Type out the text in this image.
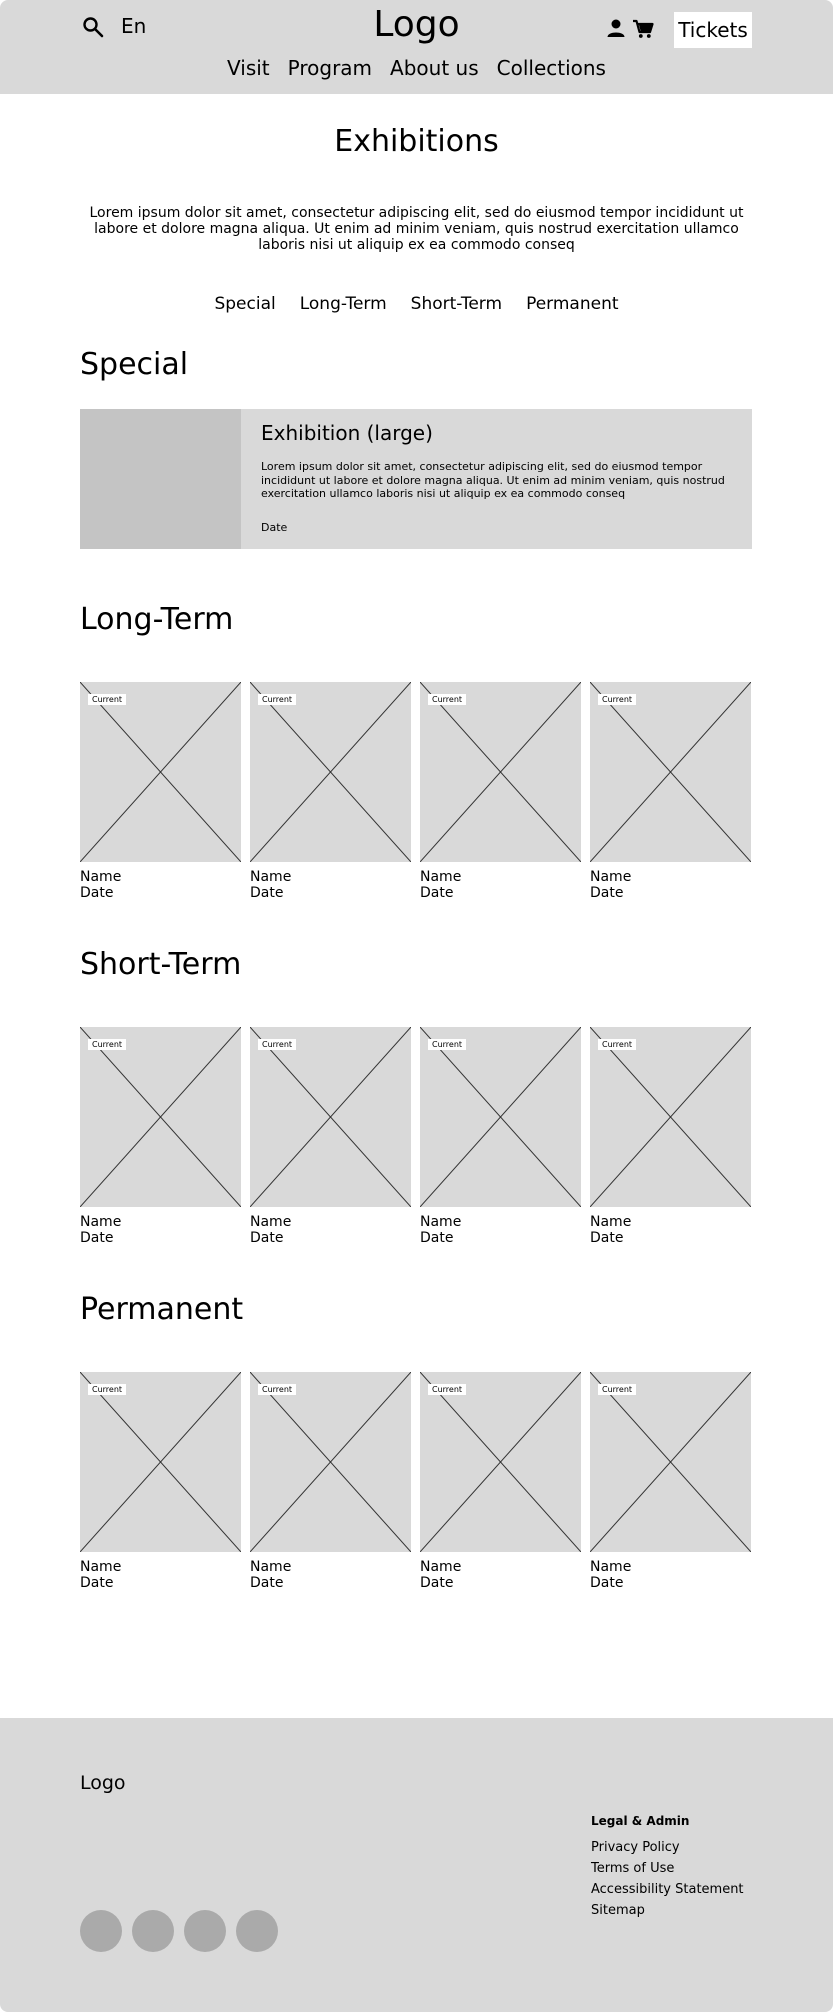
En	Logo	Tickets
Visit Program About us Collections
Exhibitions
Lorem ipsum dolor sit amet, consectetur adipiscing elit, sed do eiusmod tempor incididunt ut labore et dolore magna aliqua. Ut enim ad minim veniam, quis nostrud exercitation ullamco laboris nisi ut aliquip ex ea commodo conseq
Special Long-Term Short-Term Permanent
Special
Exhibition (large)
Lorem ipsum dolor sit amet, consectetur adipiscing elit, sed do eiusmod tempor incididunt ut labore et dolore magna aliqua. Ut enim ad minim veniam, quis nostrud exercitation ullamco laboris nisi ut aliquip ex ea commodo conseq
Date
Long-Term
Short-Term
Permanent
Current
Name
Date
Current
Name
Date
Current
Name
Date
Current
Name
Date
Current
Name
Date
Current
Name
Date
Current
Name
Date
Current
Name
Date
Current
Name
Date
Current
Name
Date
Current
Name
Date
Current
Name
Date
Logo
Legal & Admin
Privacy Policy
Terms of Use
Accessibility Statement
Sitemap
